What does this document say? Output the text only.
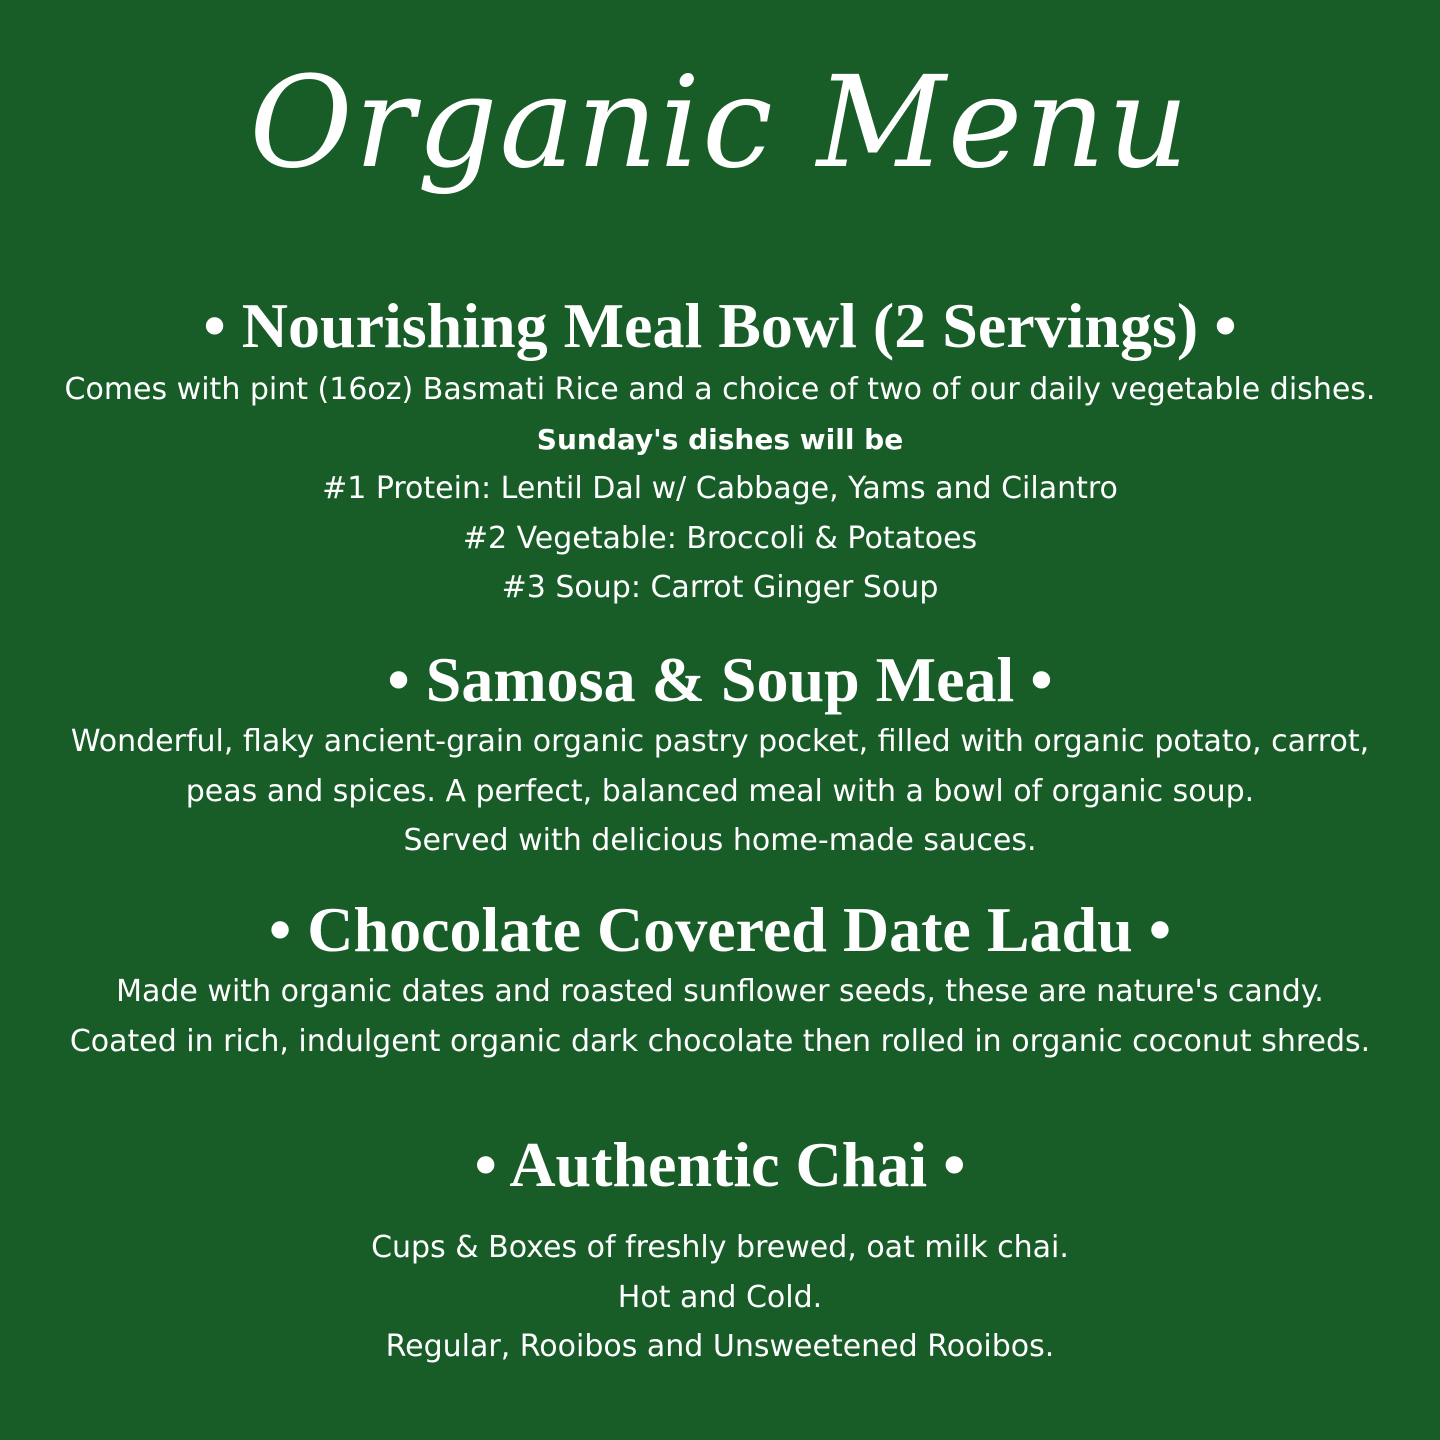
Organic Menu
• Nourishing Meal Bowl (2 Servings) •
Comes with pint (16oz) Basmati Rice and a choice of two of our daily vegetable dishes.
Sunday's dishes will be
#1 Protein: Lentil Dal w/ Cabbage, Yams and Cilantro
#2 Vegetable: Broccoli & Potatoes
#3 Soup: Carrot Ginger Soup
• Samosa & Soup Meal •
Wonderful, flaky ancient-grain organic pastry pocket, filled with organic potato, carrot,
peas and spices. A perfect, balanced meal with a bowl of organic soup.
Served with delicious home-made sauces.
• Chocolate Covered Date Ladu •
Made with organic dates and roasted sunflower seeds, these are nature's candy.
Coated in rich, indulgent organic dark chocolate then rolled in organic coconut shreds.
• Authentic Chai •
Cups & Boxes of freshly brewed, oat milk chai.
Hot and Cold.
Regular, Rooibos and Unsweetened Rooibos.
